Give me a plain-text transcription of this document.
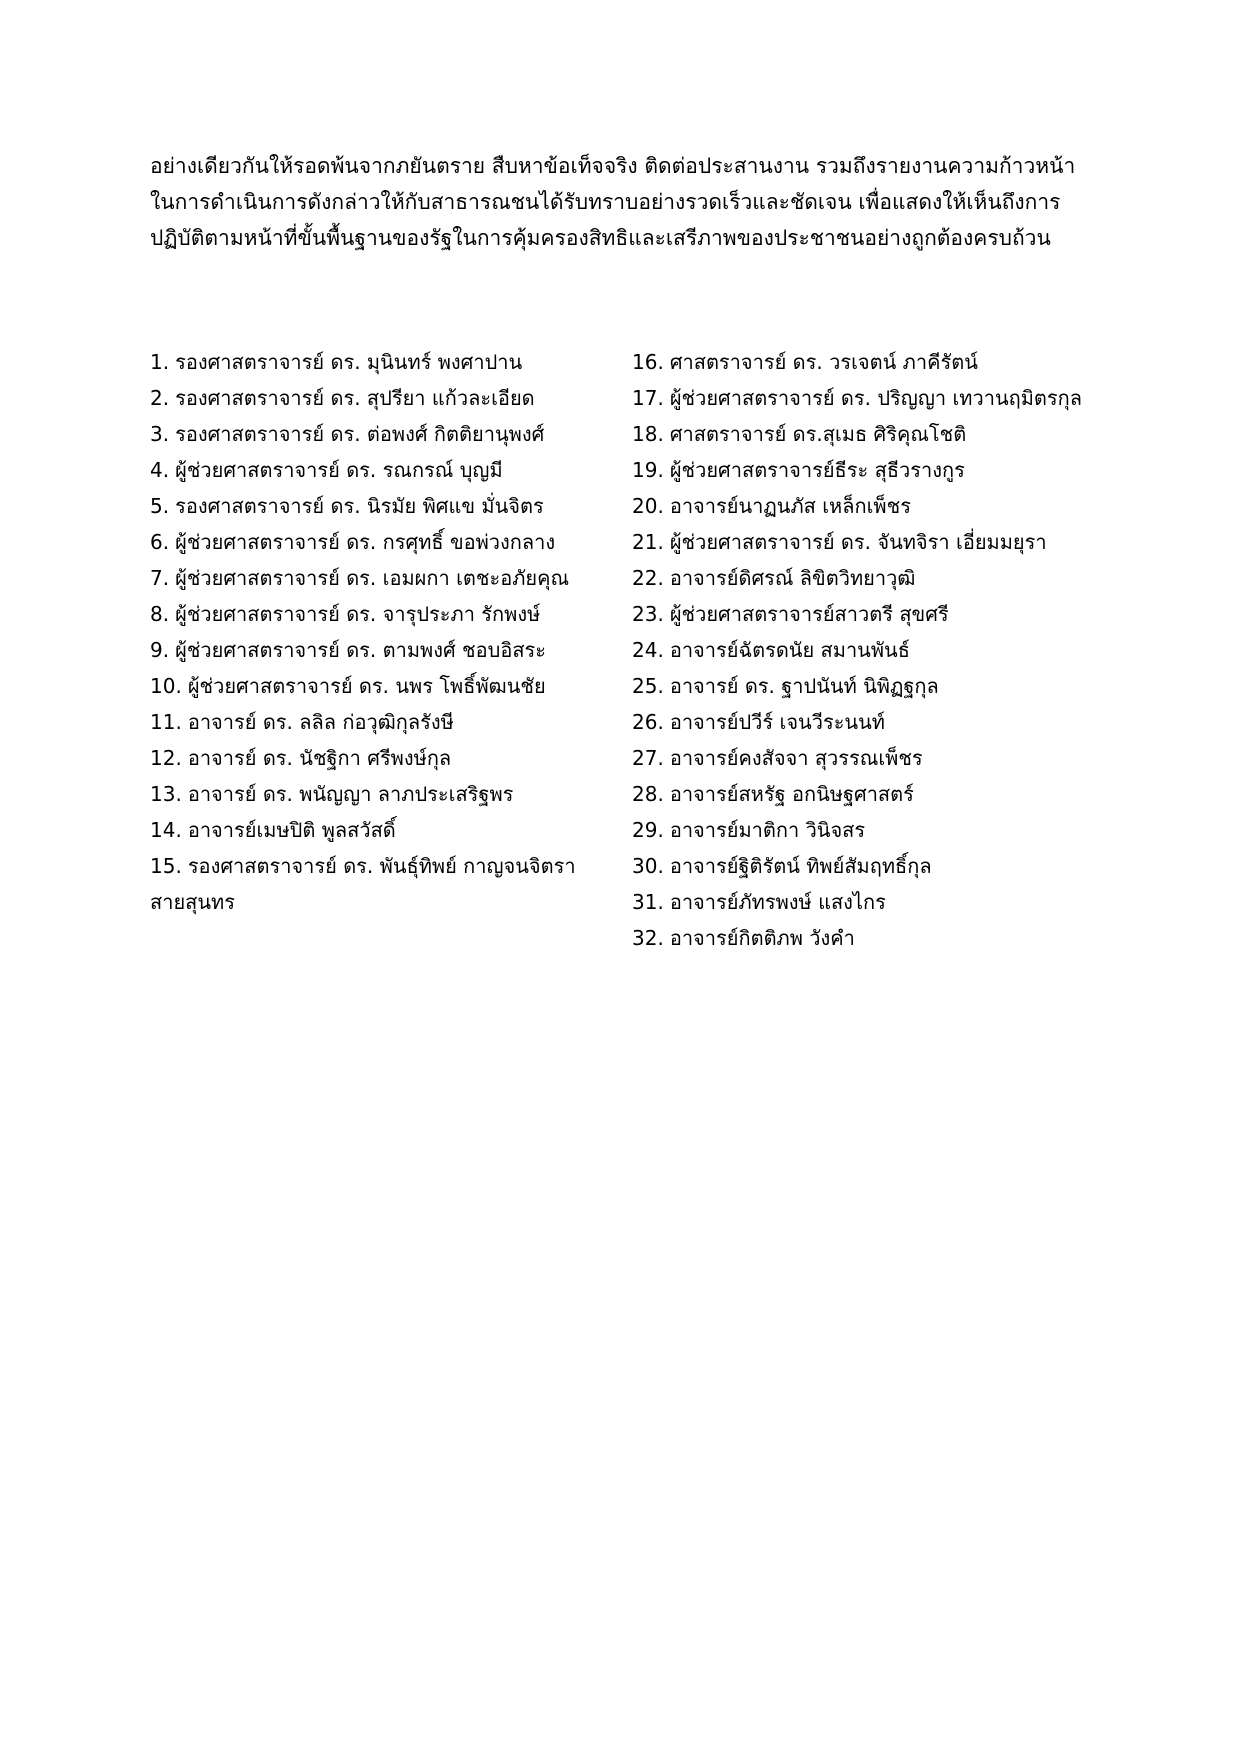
อย่างเดียวกันให้รอดพ้นจากภยันตราย สืบหาข้อเท็จจริง ติดต่อประสานงาน รวมถึงรายงานความก้าวหน้า
ในการดำเนินการดังกล่าวให้กับสาธารณชนได้รับทราบอย่างรวดเร็วและชัดเจน เพื่อแสดงให้เห็นถึงการ
ปฏิบัติตามหน้าที่ขั้นพื้นฐานของรัฐในการคุ้มครองสิทธิและเสรีภาพของประชาชนอย่างถูกต้องครบถ้วน
1. รองศาสตราจารย์ ดร. มุนินทร์ พงศาปาน
2. รองศาสตราจารย์ ดร. สุปรียา แก้วละเอียด
3. รองศาสตราจารย์ ดร. ต่อพงศ์ กิตติยานุพงศ์
4. ผู้ช่วยศาสตราจารย์ ดร. รณกรณ์ บุญมี
5. รองศาสตราจารย์ ดร. นิรมัย พิศแข มั่นจิตร
6. ผู้ช่วยศาสตราจารย์ ดร. กรศุทธิ์ ขอพ่วงกลาง
7. ผู้ช่วยศาสตราจารย์ ดร. เอมผกา เตชะอภัยคุณ
8. ผู้ช่วยศาสตราจารย์ ดร. จารุประภา รักพงษ์
9. ผู้ช่วยศาสตราจารย์ ดร. ตามพงศ์ ชอบอิสระ
10. ผู้ช่วยศาสตราจารย์ ดร. นพร โพธิ์พัฒนชัย
11. อาจารย์ ดร. ลลิล ก่อวุฒิกุลรังษี
12. อาจารย์ ดร. นัชฐิกา ศรีพงษ์กุล
13. อาจารย์ ดร. พนัญญา ลาภประเสริฐพร
14. อาจารย์เมษปิติ พูลสวัสดิ์
15. รองศาสตราจารย์ ดร. พันธุ์ทิพย์ กาญจนจิตรา
สายสุนทร
16. ศาสตราจารย์ ดร. วรเจตน์ ภาคีรัตน์
17. ผู้ช่วยศาสตราจารย์ ดร. ปริญญา เทวานฤมิตรกุล
18. ศาสตราจารย์ ดร.สุเมธ ศิริคุณโชติ
19. ผู้ช่วยศาสตราจารย์ธีระ สุธีวรางกูร
20. อาจารย์นาฏนภัส เหล็กเพ็ชร
21. ผู้ช่วยศาสตราจารย์ ดร. จันทจิรา เอี่ยมมยุรา
22. อาจารย์ดิศรณ์ ลิขิตวิทยาวุฒิ
23. ผู้ช่วยศาสตราจารย์สาวตรี สุขศรี
24. อาจารย์ฉัตรดนัย สมานพันธ์
25. อาจารย์ ดร. ฐาปนันท์ นิพิฏฐกุล
26. อาจารย์ปวีร์ เจนวีระนนท์
27. อาจารย์คงสัจจา สุวรรณเพ็ชร
28. อาจารย์สหรัฐ อกนิษฐศาสตร์
29. อาจารย์มาติกา วินิจสร
30. อาจารย์ฐิติรัตน์ ทิพย์สัมฤทธิ์กุล
31. อาจารย์ภัทรพงษ์ แสงไกร
32. อาจารย์กิตติภพ วังคำ
